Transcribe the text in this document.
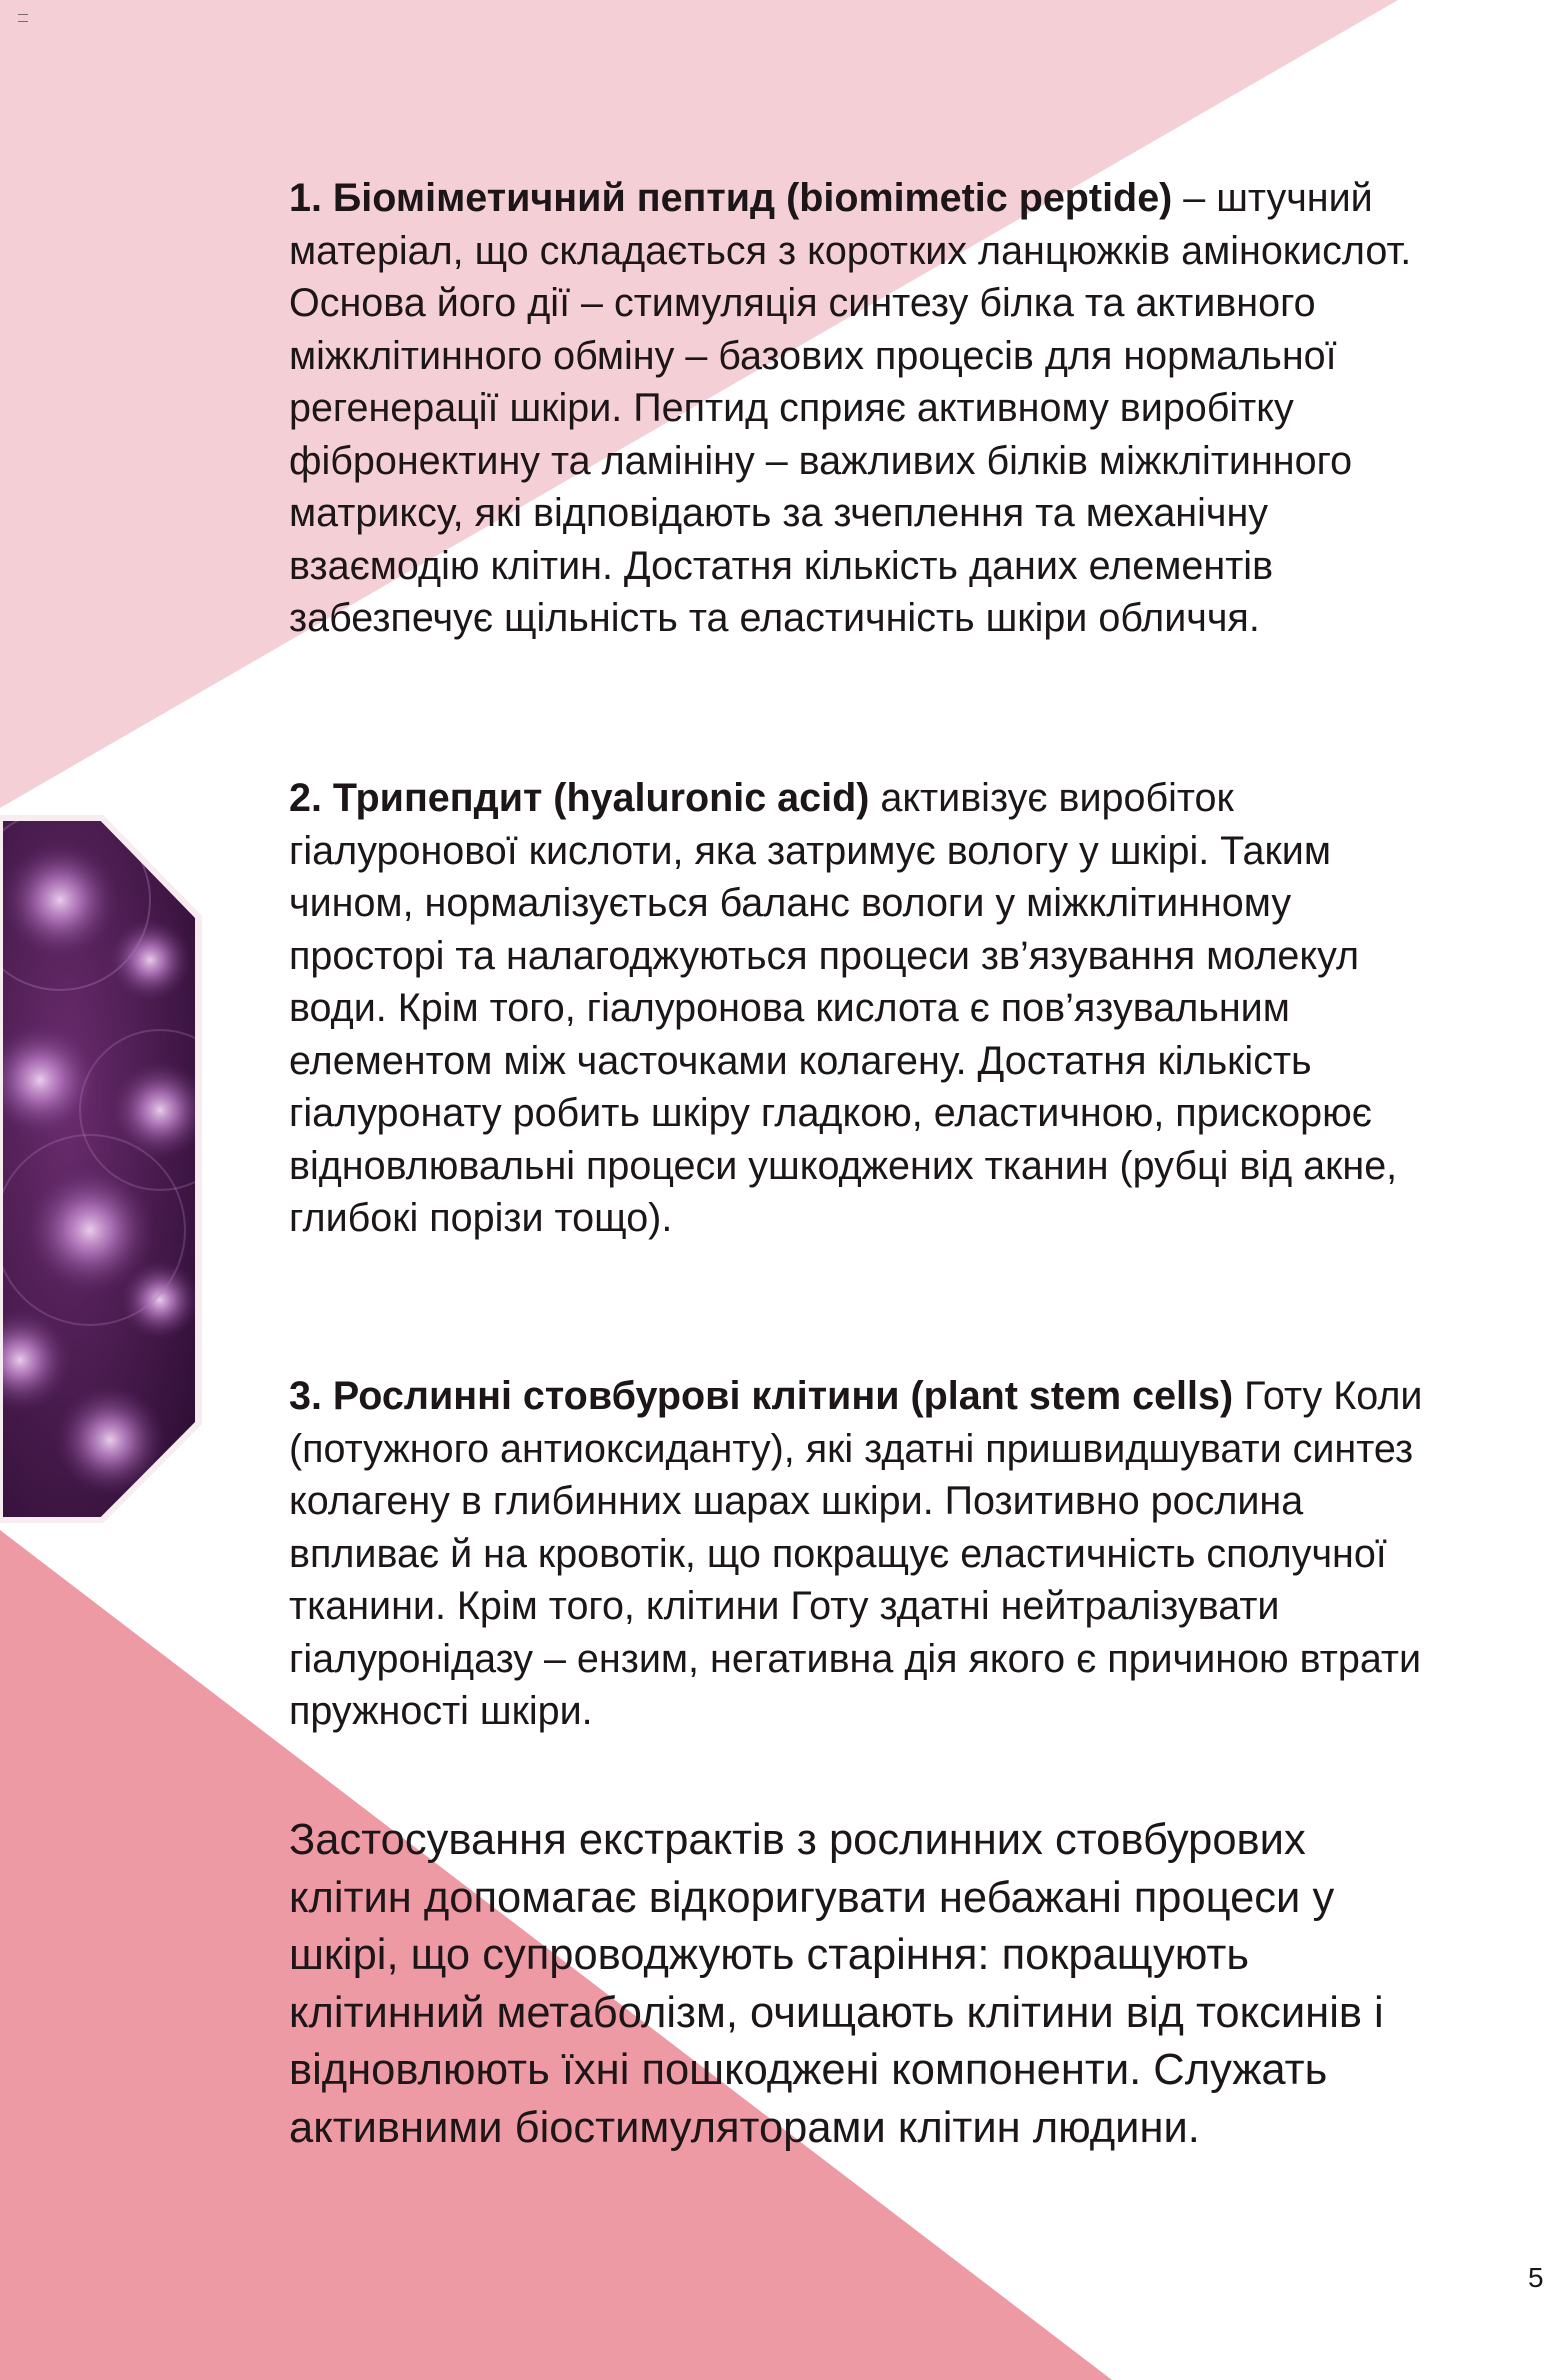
1. Біоміметичний пептид (biomimetic peptide) – штучний матеріал, що складається з коротких ланцюжків амінокислот. Основа його дії – стимуляція синтезу білка та активного міжклітинного обміну – базових процесів для нормальної регенерації шкіри. Пептид сприяє активному виробітку фібронектину та ламініну – важливих білків міжклітинного матриксу, які відповідають за зчеплення та механічну взаємодію клітин. Достатня кількість даних елементів забезпечує щільність та еластичність шкіри обличчя.

2. Трипепдит (hyaluronic acid) активізує виробіток гіалуронової кислоти, яка затримує вологу у шкірі. Таким чином, нормалізується баланс вологи у міжклітинному просторі та налагоджуються процеси зв’язування молекул води. Крім того, гіалуронова кислота є пов’язувальним елементом між часточками колагену. Достатня кількість гіалуронату робить шкіру гладкою, еластичною, прискорює відновлювальні процеси ушкоджених тканин (рубці від акне, глибокі порізи тощо).

3. Рослинні стовбурові клітини (plant stem cells) Готу Коли (потужного антиоксиданту), які здатні пришвидшувати синтез колагену в глибинних шарах шкіри. Позитивно рослина впливає й на кровотік, що покращує еластичність сполучної тканини. Крім того, клітини Готу здатні нейтралізувати гіалуронідазу – ензим, негативна дія якого є причиною втрати пружності шкіри.

Застосування екстрактів з рослинних стовбурових клітин допомагає відкоригувати небажані процеси у шкірі, що супроводжують старіння: покращують клітинний метаболізм, очищають клітини від токсинів і відновлюють їхні пошкоджені компоненти. Служать активними біостимуляторами клітин людини.

5
